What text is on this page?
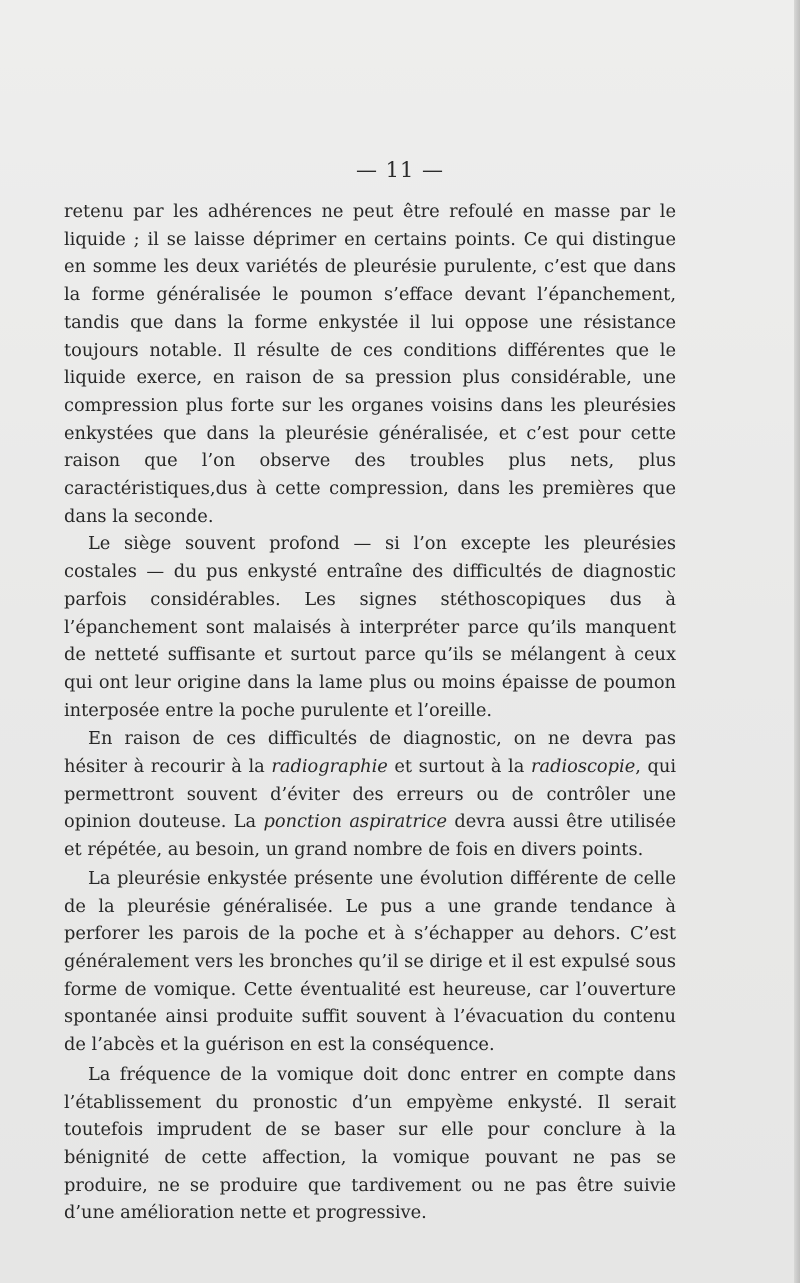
— 11 —

retenu par les adhérences ne peut être refoulé en masse par le liquide ; il se laisse déprimer en certains points. Ce qui distingue en somme les deux variétés de pleurésie purulente, c’est que dans la forme généralisée le poumon s’efface devant l’épanchement, tandis que dans la forme enkystée il lui oppose une résistance toujours notable. Il résulte de ces conditions différentes que le liquide exerce, en raison de sa pression plus considérable, une compression plus forte sur les organes voisins dans les pleurésies enkystées que dans la pleurésie généralisée, et c’est pour cette raison que l’on observe des troubles plus nets, plus caractéristiques,dus à cette compression, dans les premières que dans la seconde.

Le siège souvent profond — si l’on excepte les pleurésies costales — du pus enkysté entraîne des difficultés de diagnostic parfois considérables. Les signes stéthoscopiques dus à l’épanchement sont malaisés à interpréter parce qu’ils manquent de netteté suffisante et surtout parce qu’ils se mélangent à ceux qui ont leur origine dans la lame plus ou moins épaisse de poumon interposée entre la poche purulente et l’oreille.

En raison de ces difficultés de diagnostic, on ne devra pas hésiter à recourir à la radiographie et surtout à la radioscopie, qui permettront souvent d’éviter des erreurs ou de contrôler une opinion douteuse. La ponction aspiratrice devra aussi être utilisée et répétée, au besoin, un grand nombre de fois en divers points.

La pleurésie enkystée présente une évolution différente de celle de la pleurésie généralisée. Le pus a une grande tendance à perforer les parois de la poche et à s’échapper au dehors. C’est généralement vers les bronches qu’il se dirige et il est expulsé sous forme de vomique. Cette éventualité est heureuse, car l’ouverture spontanée ainsi produite suffit souvent à l’évacuation du contenu de l’abcès et la guérison en est la conséquence.

La fréquence de la vomique doit donc entrer en compte dans l’établissement du pronostic d’un empyème enkysté. Il serait toutefois imprudent de se baser sur elle pour conclure à la bénignité de cette affection, la vomique pouvant ne pas se produire, ne se produire que tardivement ou ne pas être suivie d’une amélioration nette et progressive.
